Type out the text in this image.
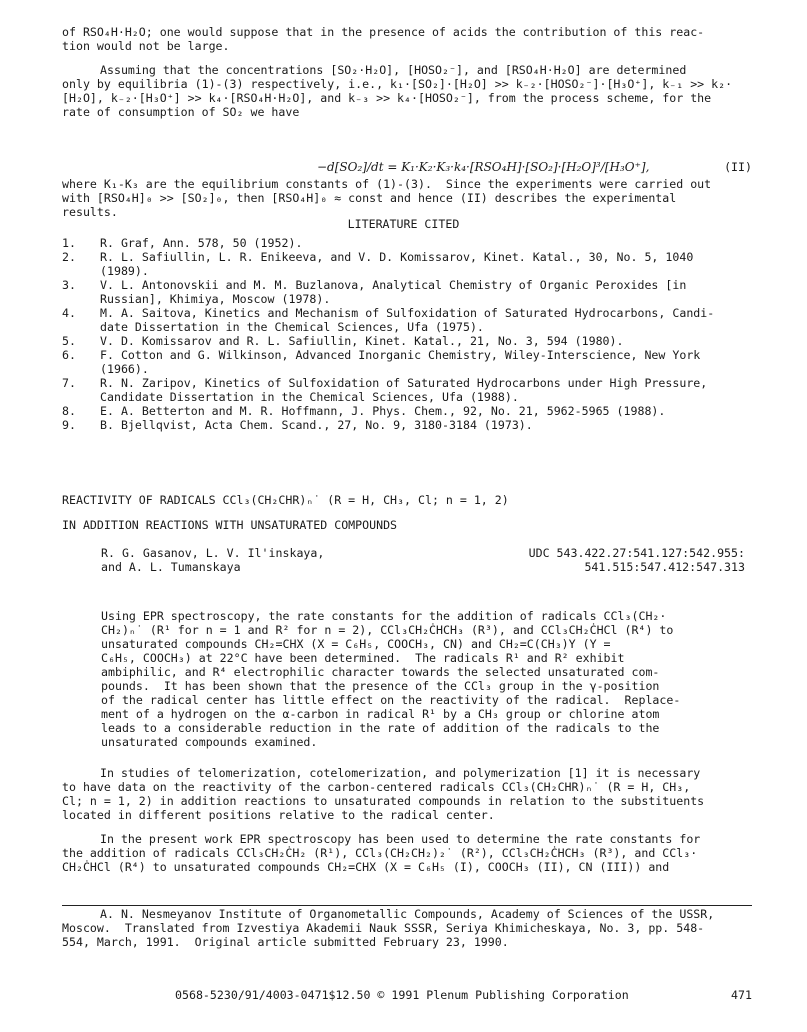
of RSO₄H·H₂O; one would suppose that in the presence of acids the contribution of this reac-
tion would not be large.
Assuming that the concentrations [SO₂·H₂O], [HOSO₂⁻], and [RSO₄H·H₂O] are determined
only by equilibria (1)-(3) respectively, i.e., k₁·[SO₂]·[H₂O] >> k₋₂·[HOSO₂⁻]·[H₃O⁺], k₋₁ >> k₂·
[H₂O], k₋₂·[H₃O⁺] >> k₄·[RSO₄H·H₂O], and k₋₃ >> k₄·[HOSO₂⁻], from the process scheme, for the
rate of consumption of SO₂ we have
−d[SO₂]/dt = K₁·K₂·K₃·k₄·[RSO₄H]·[SO₂]·[H₂O]³/[H₃O⁺],	(II)
where K₁-K₃ are the equilibrium constants of (1)-(3).  Since the experiments were carried out
with [RSO₄H]₀ >> [SO₂]₀, then [RSO₄H]₀ ≈ const and hence (II) describes the experimental
results.
LITERATURE CITED
1.	R. Graf, Ann. 578, 50 (1952).
2.	R. L. Safiullin, L. R. Enikeeva, and V. D. Komissarov, Kinet. Katal., 30, No. 5, 1040
(1989).
3.	V. L. Antonovskii and M. M. Buzlanova, Analytical Chemistry of Organic Peroxides [in
Russian], Khimiya, Moscow (1978).
4.	M. A. Saitova, Kinetics and Mechanism of Sulfoxidation of Saturated Hydrocarbons, Candi-
date Dissertation in the Chemical Sciences, Ufa (1975).
5.	V. D. Komissarov and R. L. Safiullin, Kinet. Katal., 21, No. 3, 594 (1980).
6.	F. Cotton and G. Wilkinson, Advanced Inorganic Chemistry, Wiley-Interscience, New York
(1966).
7.	R. N. Zaripov, Kinetics of Sulfoxidation of Saturated Hydrocarbons under High Pressure,
Candidate Dissertation in the Chemical Sciences, Ufa (1988).
8.	E. A. Betterton and M. R. Hoffmann, J. Phys. Chem., 92, No. 21, 5962-5965 (1988).
9.	B. Bjellqvist, Acta Chem. Scand., 27, No. 9, 3180-3184 (1973).
REACTIVITY OF RADICALS CCl₃(CH₂CHR)ₙ˙ (R = H, CH₃, Cl; n = 1, 2)
IN ADDITION REACTIONS WITH UNSATURATED COMPOUNDS
R. G. Gasanov, L. V. Il'inskaya,
and A. L. Tumanskaya
UDC 543.422.27:541.127:542.955:
541.515:547.412:547.313
Using EPR spectroscopy, the rate constants for the addition of radicals CCl₃(CH₂·
CH₂)ₙ˙ (R¹ for n = 1 and R² for n = 2), CCl₃CH₂ĊHCH₃ (R³), and CCl₃CH₂ĊHCl (R⁴) to
unsaturated compounds CH₂=CHX (X = C₆H₅, COOCH₃, CN) and CH₂=C(CH₃)Y (Y =
C₆H₅, COOCH₃) at 22°C have been determined.  The radicals R¹ and R² exhibit
ambiphilic, and R⁴ electrophilic character towards the selected unsaturated com-
pounds.  It has been shown that the presence of the CCl₃ group in the γ-position
of the radical center has little effect on the reactivity of the radical.  Replace-
ment of a hydrogen on the α-carbon in radical R¹ by a CH₃ group or chlorine atom
leads to a considerable reduction in the rate of addition of the radicals to the
unsaturated compounds examined.
In studies of telomerization, cotelomerization, and polymerization [1] it is necessary
to have data on the reactivity of the carbon-centered radicals CCl₃(CH₂CHR)ₙ˙ (R = H, CH₃,
Cl; n = 1, 2) in addition reactions to unsaturated compounds in relation to the substituents
located in different positions relative to the radical center.
In the present work EPR spectroscopy has been used to determine the rate constants for
the addition of radicals CCl₃CH₂ĊH₂ (R¹), CCl₃(CH₂CH₂)₂˙ (R²), CCl₃CH₂ĊHCH₃ (R³), and CCl₃·
CH₂ĊHCl (R⁴) to unsaturated compounds CH₂=CHX (X = C₆H₅ (I), COOCH₃ (II), CN (III)) and
A. N. Nesmeyanov Institute of Organometallic Compounds, Academy of Sciences of the USSR,
Moscow.  Translated from Izvestiya Akademii Nauk SSSR, Seriya Khimicheskaya, No. 3, pp. 548-
554, March, 1991.  Original article submitted February 23, 1990.
0568-5230/91/4003-0471$12.50 © 1991 Plenum Publishing Corporation	471
